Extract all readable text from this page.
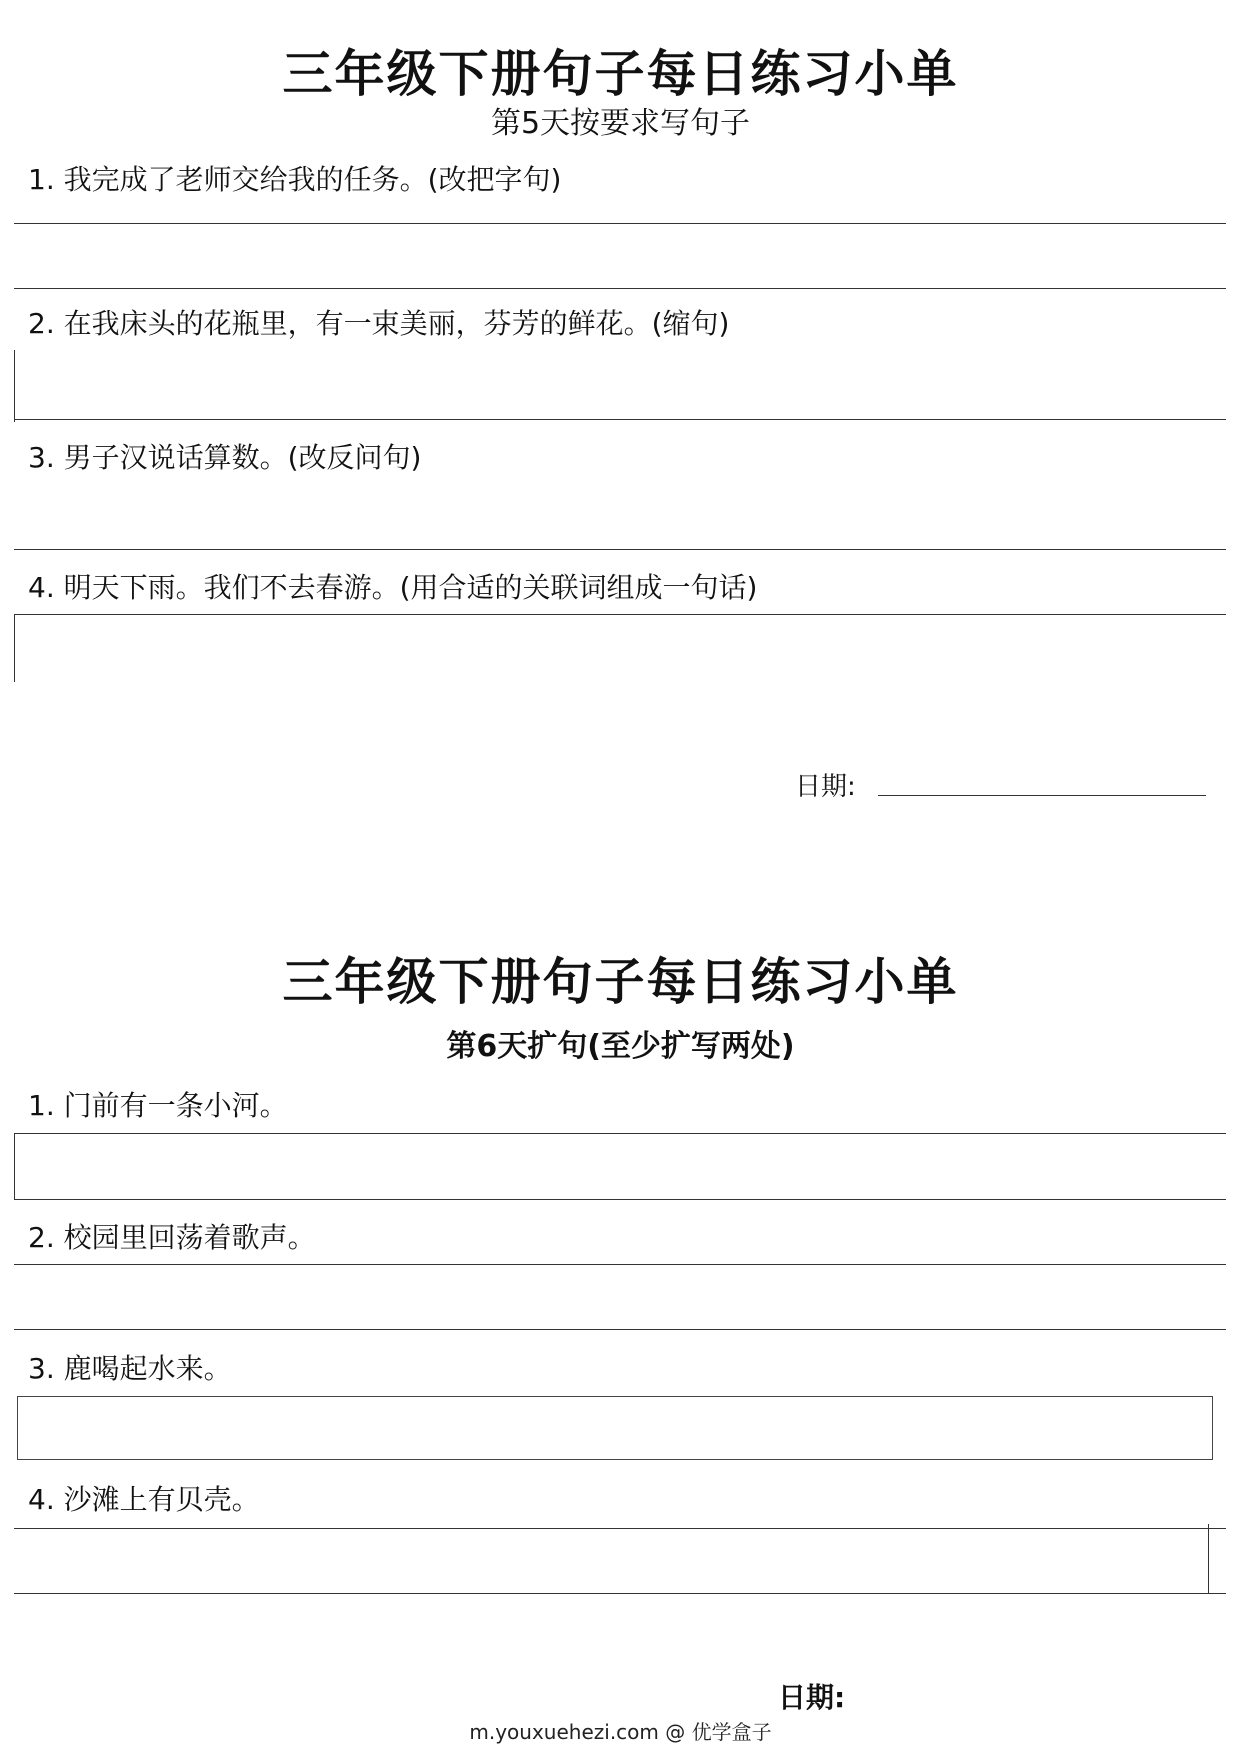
三年级下册句子每日练习小单
第5天按要求写句子
1. 我完成了老师交给我的任务。(改把字句)
2. 在我床头的花瓶里，有一束美丽，芬芳的鲜花。(缩句)
3. 男子汉说话算数。(改反问句)
4. 明天下雨。我们不去春游。(用合适的关联词组成一句话)
日期:
三年级下册句子每日练习小单
第6天扩句(至少扩写两处)
1. 门前有一条小河。
2. 校园里回荡着歌声。
3. 鹿喝起水来。
4. 沙滩上有贝壳。
日期:
m.youxuehezi.com @ 优学盒子
